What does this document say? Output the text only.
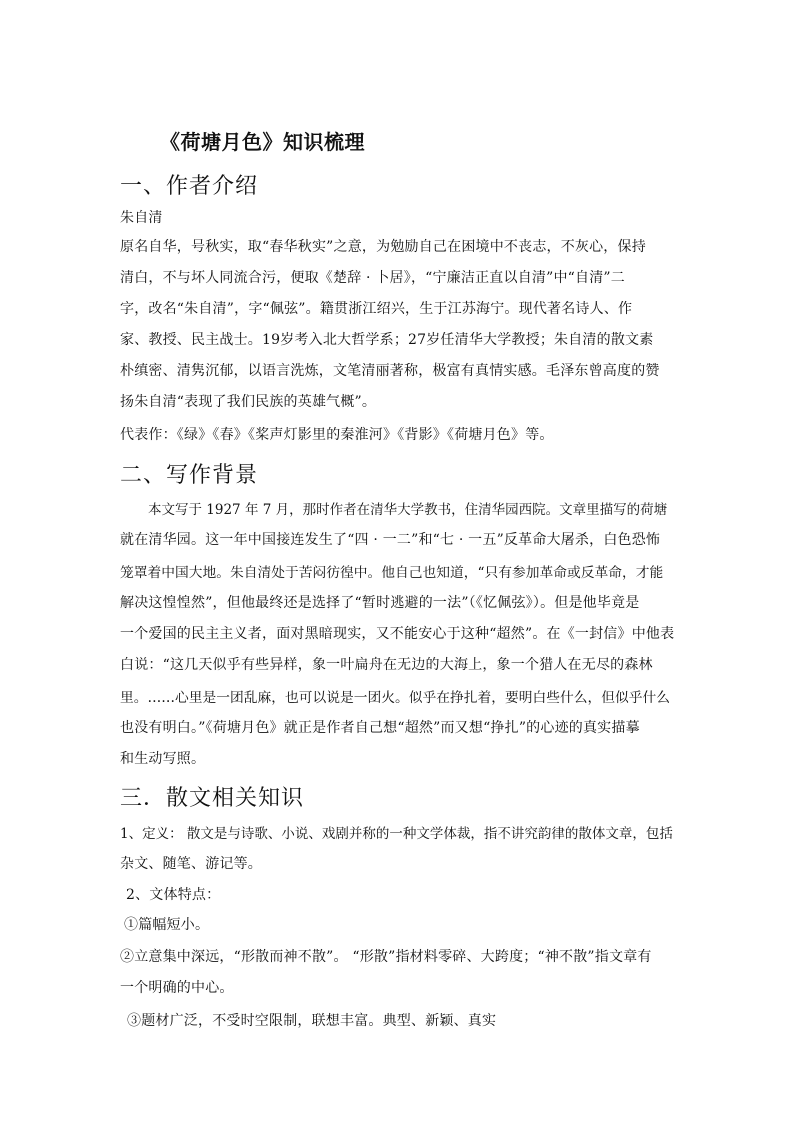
《荷塘月色》知识梳理
一、作者介绍
朱自清
原名自华，号秋实，取“春华秋实”之意，为勉励自己在困境中不丧志，不灰心，保持
清白，不与坏人同流合污，便取《楚辞 · 卜居》，“宁廉洁正直以自清”中“自清”二
字，改名“朱自清”，字“佩弦”。籍贯浙江绍兴，生于江苏海宁。现代著名诗人、作
家、教授、民主战士。19岁考入北大哲学系；27岁任清华大学教授；朱自清的散文素
朴缜密、清隽沉郁，以语言洗炼，文笔清丽著称，极富有真情实感。毛泽东曾高度的赞
扬朱自清“表现了我们民族的英雄气概”。
代表作：《绿》《春》《桨声灯影里的秦淮河》《背影》《荷塘月色》等。
二、写作背景
本文写于 1927 年 7 月，那时作者在清华大学教书，住清华园西院。文章里描写的荷塘
就在清华园。这一年中国接连发生了“四 · 一二”和“七 · 一五”反革命大屠杀，白色恐怖
笼罩着中国大地。朱自清处于苦闷彷徨中。他自己也知道，“只有参加革命或反革命，才能
解决这惶惶然”，但他最终还是选择了“暂时逃避的一法”（《忆佩弦》）。但是他毕竟是
一个爱国的民主主义者，面对黑暗现实，又不能安心于这种“超然”。在《一封信》中他表
白说：“这几天似乎有些异样，象一叶扁舟在无边的大海上，象一个猎人在无尽的森林
里。……心里是一团乱麻，也可以说是一团火。似乎在挣扎着，要明白些什么，但似乎什么
也没有明白。”《荷塘月色》就正是作者自己想“超然”而又想“挣扎”的心迹的真实描摹
和生动写照。
三．散文相关知识
1、定义： 散文是与诗歌、小说、戏剧并称的一种文学体裁，指不讲究韵律的散体文章，包括
杂文、随笔、游记等。
2、文体特点：
①篇幅短小。
②立意集中深远，“形散而神不散”。 “形散”指材料零碎、大跨度；“神不散”指文章有
一个明确的中心。
③题材广泛，不受时空限制，联想丰富。典型、新颖、真实
